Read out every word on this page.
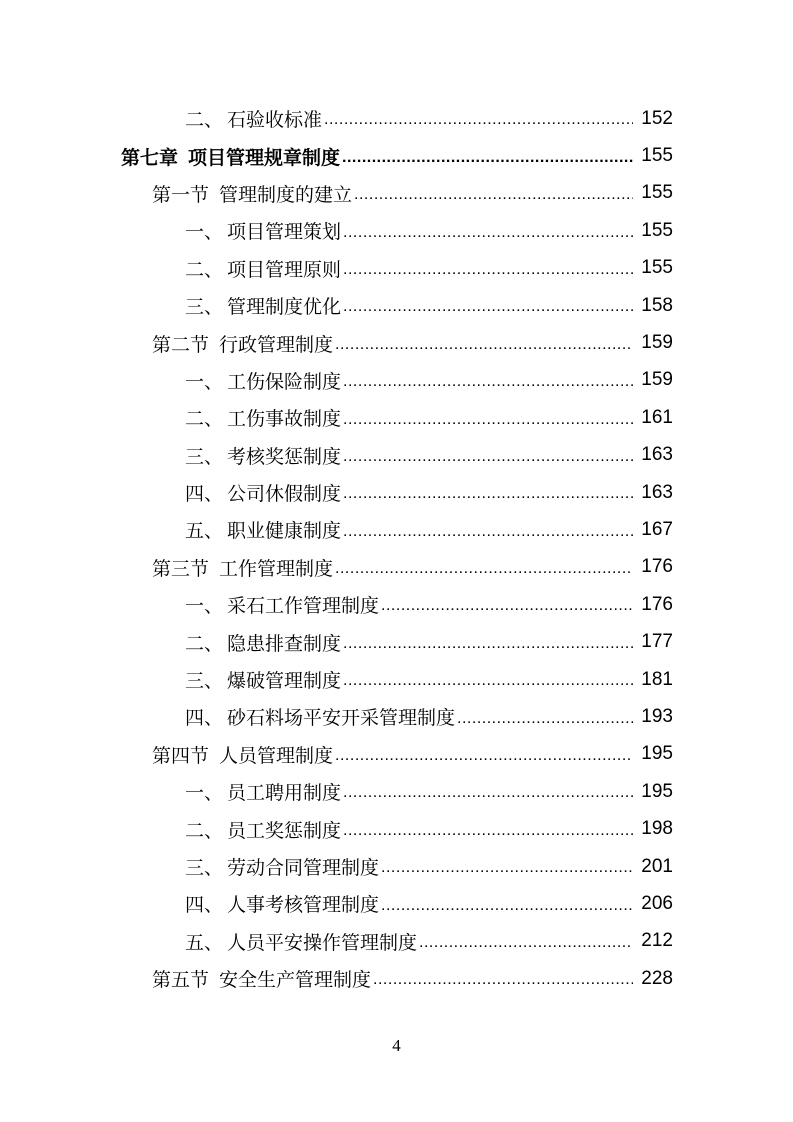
二、 石验收标准 .....	152
第七章 项目管理规章制度 .....	155
第一节 管理制度的建立 .....	155
一、 项目管理策划 .....	155
二、 项目管理原则 .....	155
三、 管理制度优化 .....	158
第二节 行政管理制度 .....	159
一、 工伤保险制度 .....	159
二、 工伤事故制度 .....	161
三、 考核奖惩制度 .....	163
四、 公司休假制度 .....	163
五、 职业健康制度 .....	167
第三节 工作管理制度 .....	176
一、 采石工作管理制度 .....	176
二、 隐患排查制度 .....	177
三、 爆破管理制度 .....	181
四、 砂石料场平安开采管理制度 .....	193
第四节 人员管理制度 .....	195
一、 员工聘用制度 .....	195
二、 员工奖惩制度 .....	198
三、 劳动合同管理制度 .....	201
四、 人事考核管理制度 .....	206
五、 人员平安操作管理制度 .....	212
第五节 安全生产管理制度 .....	228
4
